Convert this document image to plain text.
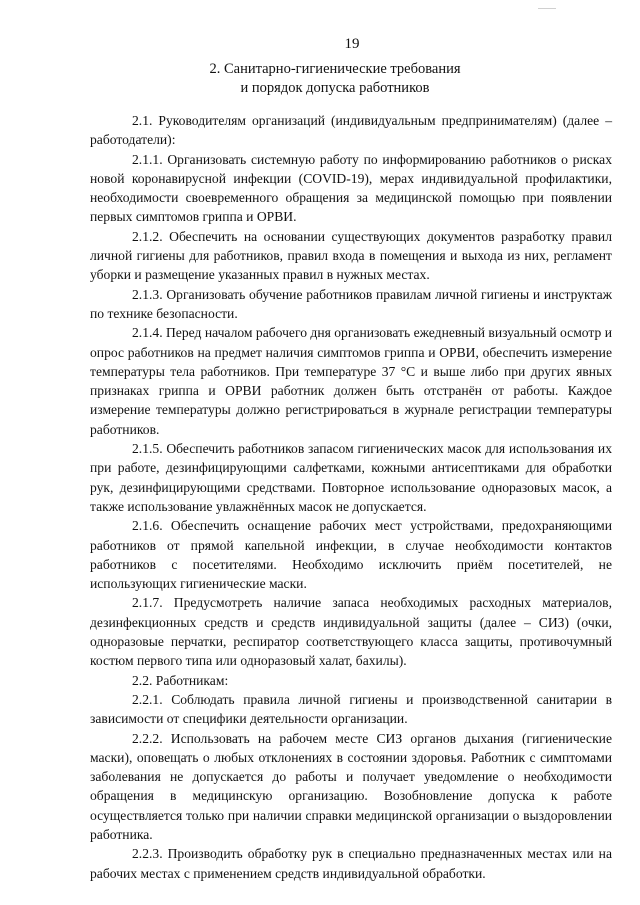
19
2. Санитарно-гигиенические требования
и порядок допуска работников

2.1. Руководителям организаций (индивидуальным предпринимателям) (далее – работодатели):

2.1.1. Организовать системную работу по информированию работников о рисках новой коронавирусной инфекции (COVID-19), мерах индивидуальной профилактики, необходимости своевременного обращения за медицинской помощью при появлении первых симптомов гриппа и ОРВИ.

2.1.2. Обеспечить на основании существующих документов разработку правил личной гигиены для работников, правил входа в помещения и выхода из них, регламент уборки и размещение указанных правил в нужных местах.

2.1.3. Организовать обучение работников правилам личной гигиены и инструктаж по технике безопасности.

2.1.4. Перед началом рабочего дня организовать ежедневный визуальный осмотр и опрос работников на предмет наличия симптомов гриппа и ОРВИ, обеспечить измерение температуры тела работников. При температуре 37 °С и выше либо при других явных признаках гриппа и ОРВИ работник должен быть отстранён от работы. Каждое измерение температуры должно регистрироваться в журнале регистрации температуры работников.

2.1.5. Обеспечить работников запасом гигиенических масок для использования их при работе, дезинфицирующими салфетками, кожными антисептиками для обработки рук, дезинфицирующими средствами. Повторное использование одноразовых масок, а также использование увлажнённых масок не допускается.

2.1.6. Обеспечить оснащение рабочих мест устройствами, предохраняющими работников от прямой капельной инфекции, в случае необходимости контактов работников с посетителями. Необходимо исключить приём посетителей, не использующих гигиенические маски.

2.1.7. Предусмотреть наличие запаса необходимых расходных материалов, дезинфекционных средств и средств индивидуальной защиты (далее – СИЗ) (очки, одноразовые перчатки, респиратор соответствующего класса защиты, противочумный костюм первого типа или одноразовый халат, бахилы).

2.2. Работникам:

2.2.1. Соблюдать правила личной гигиены и производственной санитарии в зависимости от специфики деятельности организации.

2.2.2. Использовать на рабочем месте СИЗ органов дыхания (гигиенические маски), оповещать о любых отклонениях в состоянии здоровья. Работник с симптомами заболевания не допускается до работы и получает уведомление о необходимости обращения в медицинскую организацию. Возобновление допуска к работе осуществляется только при наличии справки медицинской организации о выздоровлении работника.

2.2.3. Производить обработку рук в специально предназначенных местах или на рабочих местах с применением средств индивидуальной обработки.
